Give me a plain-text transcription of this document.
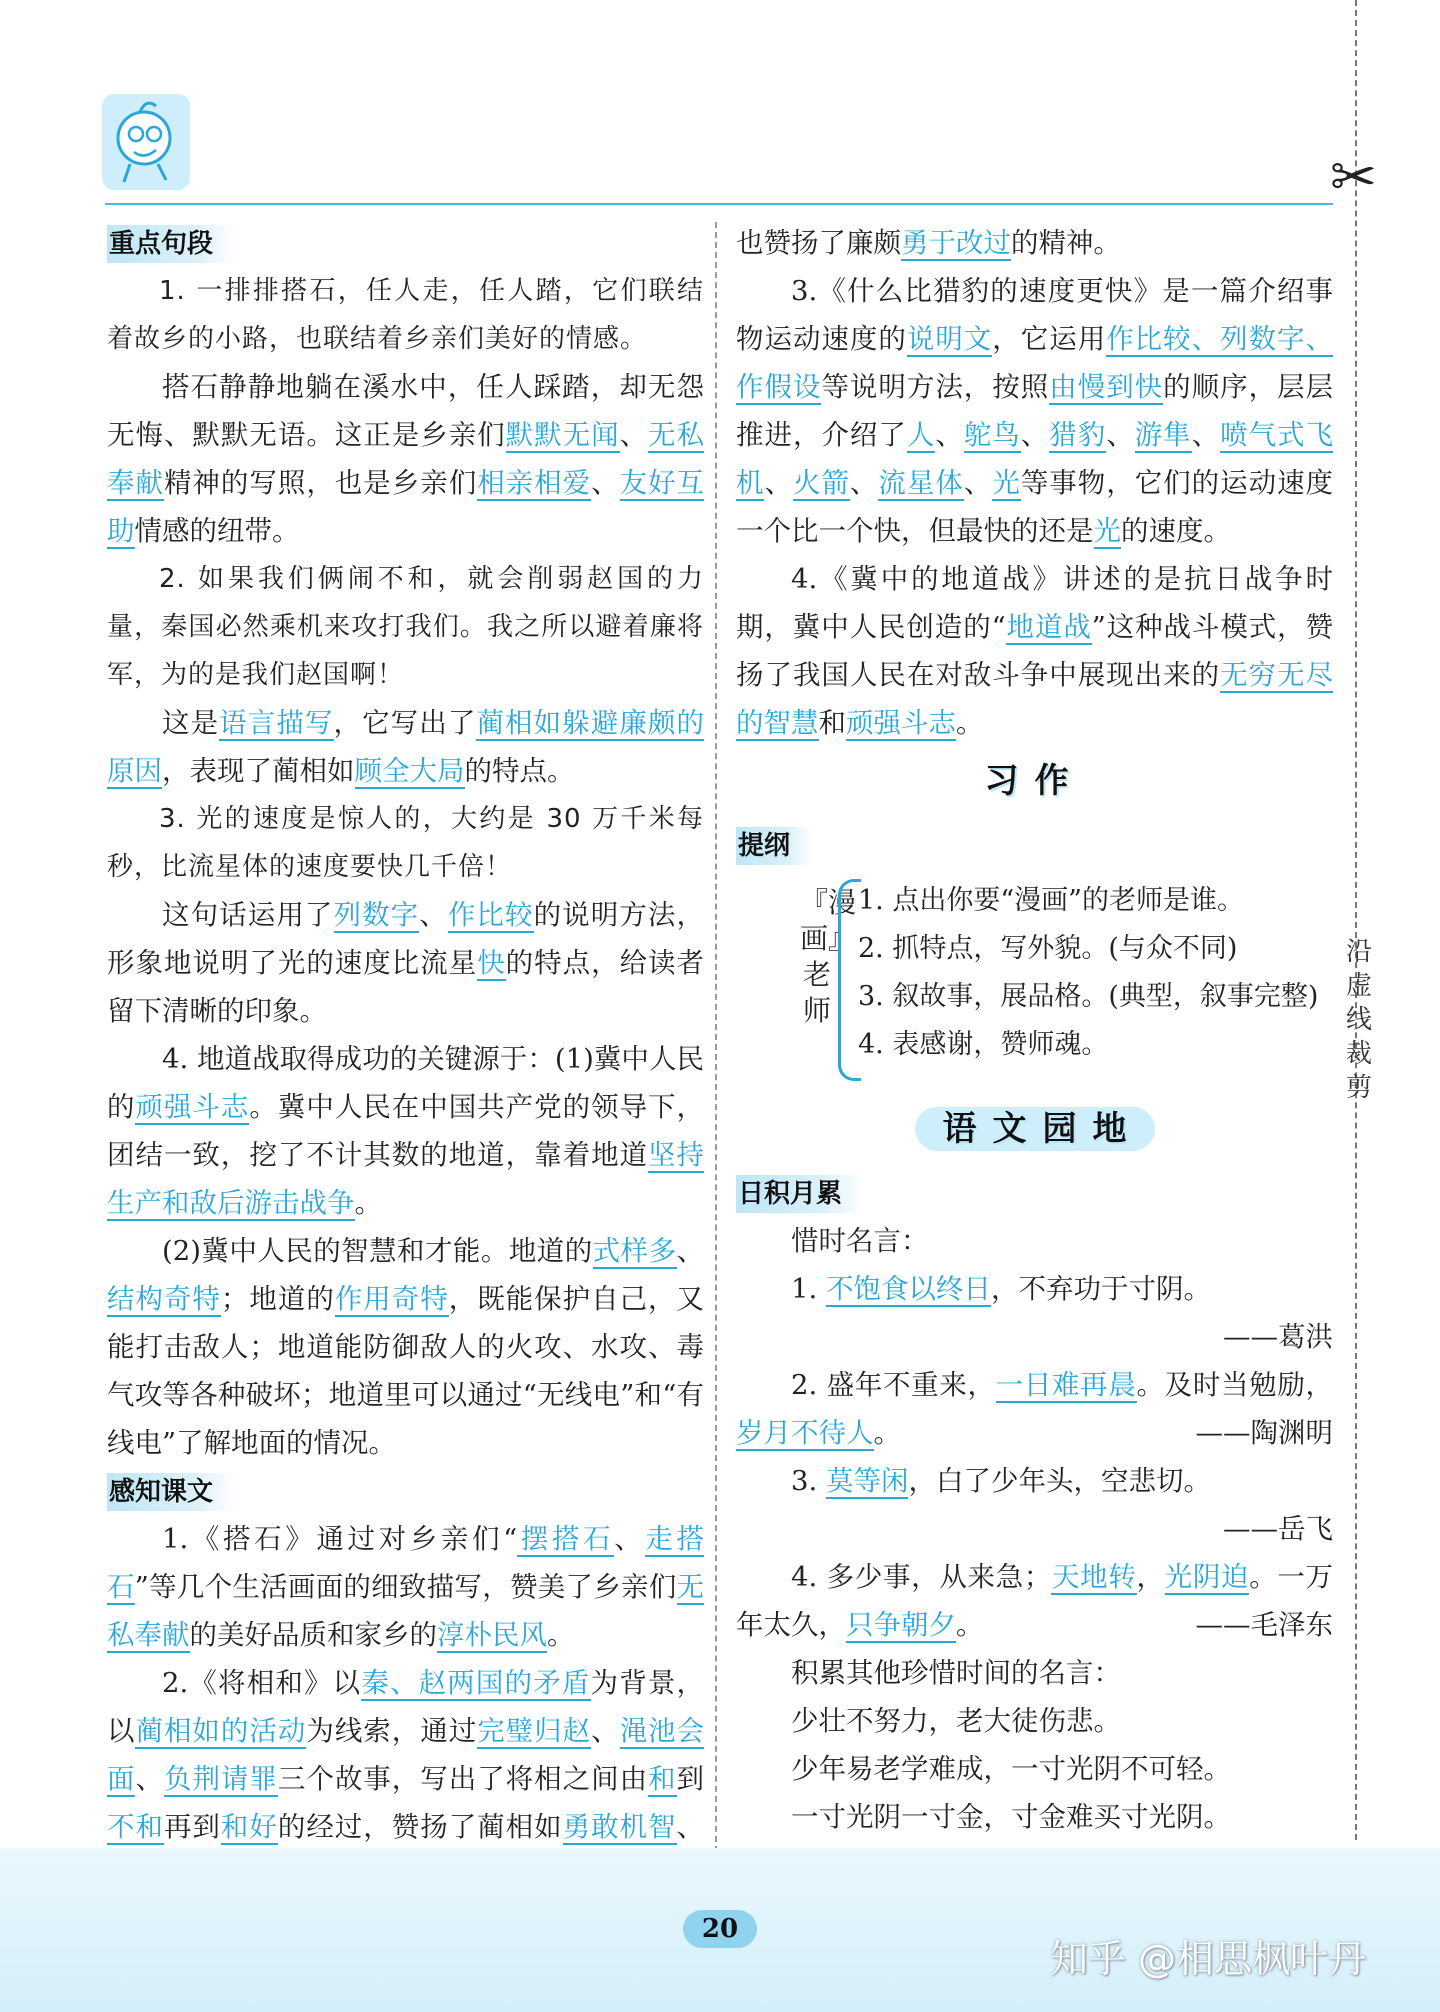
✂
沿虚线裁剪
重点句段

1. 一排排搭石，任人走，任人踏，它们联结着故乡的小路，也联结着乡亲们美好的情感。

搭石静静地躺在溪水中，任人踩踏，却无怨无悔、默默无语。这正是乡亲们默默无闻、无私奉献精神的写照，也是乡亲们相亲相爱、友好互助情感的纽带。

2. 如果我们俩闹不和，就会削弱赵国的力量，秦国必然乘机来攻打我们。我之所以避着廉将军，为的是我们赵国啊！

这是语言描写，它写出了蔺相如躲避廉颇的原因，表现了蔺相如顾全大局的特点。

3. 光的速度是惊人的，大约是 30 万千米每秒，比流星体的速度要快几千倍！

这句话运用了列数字、作比较的说明方法，形象地说明了光的速度比流星快的特点，给读者留下清晰的印象。

4. 地道战取得成功的关键源于：(1)冀中人民的顽强斗志。冀中人民在中国共产党的领导下，团结一致，挖了不计其数的地道，靠着地道坚持生产和敌后游击战争。

(2)冀中人民的智慧和才能。地道的式样多、结构奇特；地道的作用奇特，既能保护自己，又能打击敌人；地道能防御敌人的火攻、水攻、毒气攻等各种破坏；地道里可以通过“无线电”和“有线电”了解地面的情况。

感知课文

1.《搭石》通过对乡亲们“摆搭石、走搭石”等几个生活画面的细致描写，赞美了乡亲们无私奉献的美好品质和家乡的淳朴民风。

2.《将相和》以秦、赵两国的矛盾为背景，以蔺相如的活动为线索，通过完璧归赵、渑池会面、负荆请罪三个故事，写出了将相之间由和到不和再到和好的经过，赞扬了蔺相如勇敢机智、

也赞扬了廉颇勇于改过的精神。

3.《什么比猎豹的速度更快》是一篇介绍事物运动速度的说明文，它运用作比较、列数字、作假设等说明方法，按照由慢到快的顺序，层层推进，介绍了人、鸵鸟、猎豹、游隼、喷气式飞机、火箭、流星体、光等事物，它们的运动速度一个比一个快，但最快的还是光的速度。

4.《冀中的地道战》讲述的是抗日战争时期，冀中人民创造的“地道战”这种战斗模式，赞扬了我国人民在对敌斗争中展现出来的无穷无尽的智慧和顽强斗志。

习作
提纲
『漫画』老师
1. 点出你要“漫画”的老师是谁。
2. 抓特点，写外貌。(与众不同)
3. 叙故事，展品格。(典型，叙事完整)
4. 表感谢，赞师魂。
语文园地
日积月累

惜时名言：

1. 不饱食以终日，不弃功于寸阴。

——葛洪

2. 盛年不重来，一日难再晨。及时当勉励，岁月不待人。	——陶渊明

3. 莫等闲，白了少年头，空悲切。

——岳飞

4. 多少事，从来急；天地转，光阴迫。一万年太久，只争朝夕。	——毛泽东

积累其他珍惜时间的名言：

少壮不努力，老大徒伤悲。

少年易老学难成，一寸光阴不可轻。

一寸光阴一寸金，寸金难买寸光阴。

20
知乎 @相思枫叶丹
